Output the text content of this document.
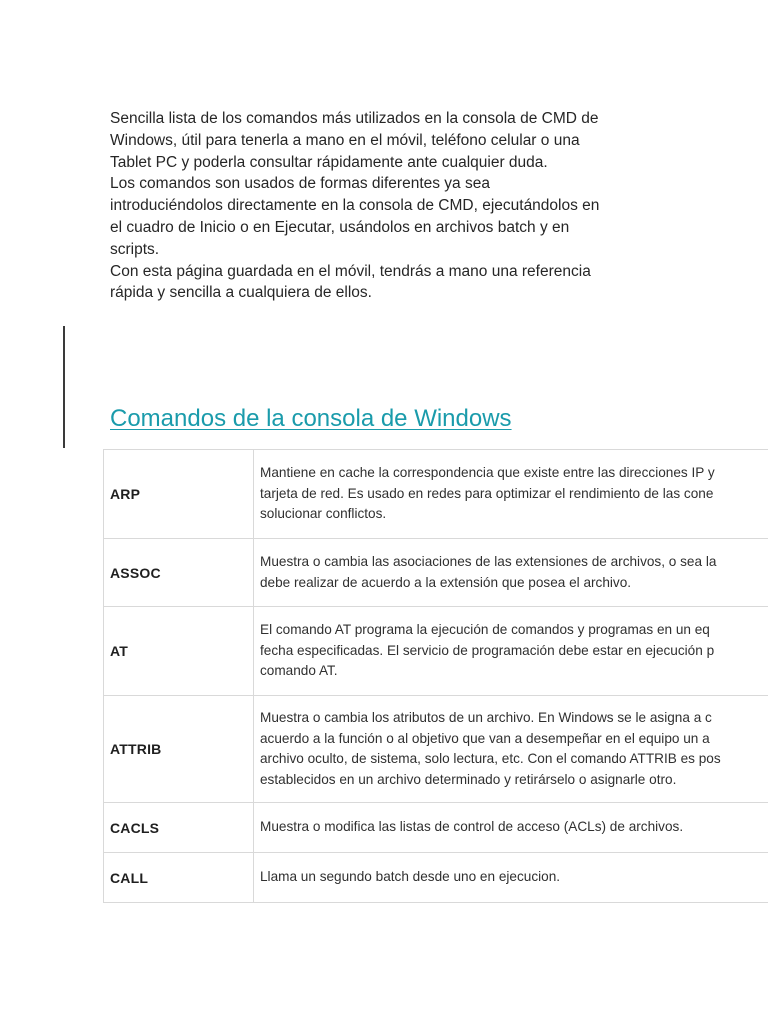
Sencilla lista de los comandos más utilizados en la consola de CMD de
Windows, útil para tenerla a mano en el móvil, teléfono celular o una
Tablet PC y poderla consultar rápidamente ante cualquier duda.
Los comandos son usados de formas diferentes ya sea
introduciéndolos directamente en la consola de CMD, ejecutándolos en
el cuadro de Inicio o en Ejecutar, usándolos en archivos batch y en
scripts.
Con esta página guardada en el móvil, tendrás a mano una referencia
rápida y sencilla a cualquiera de ellos.
Comandos de la consola de Windows
ARP
Mantiene en cache la correspondencia que existe entre las direcciones IP y
tarjeta de red. Es usado en redes para optimizar el rendimiento de las cone
solucionar conflictos.
ASSOC
Muestra o cambia las asociaciones de las extensiones de archivos, o sea la
debe realizar de acuerdo a la extensión que posea el archivo.
AT
El comando AT programa la ejecución de comandos y programas en un eq
fecha especificadas. El servicio de programación debe estar en ejecución p
comando AT.
ATTRIB
Muestra o cambia los atributos de un archivo. En Windows se le asigna a c
acuerdo a la función o al objetivo que van a desempeñar en el equipo un a
archivo oculto, de sistema, solo lectura, etc. Con el comando ATTRIB es pos
establecidos en un archivo determinado y retirárselo o asignarle otro.
CACLS	Muestra o modifica las listas de control de acceso (ACLs) de archivos.
CALL	Llama un segundo batch desde uno en ejecucion.
